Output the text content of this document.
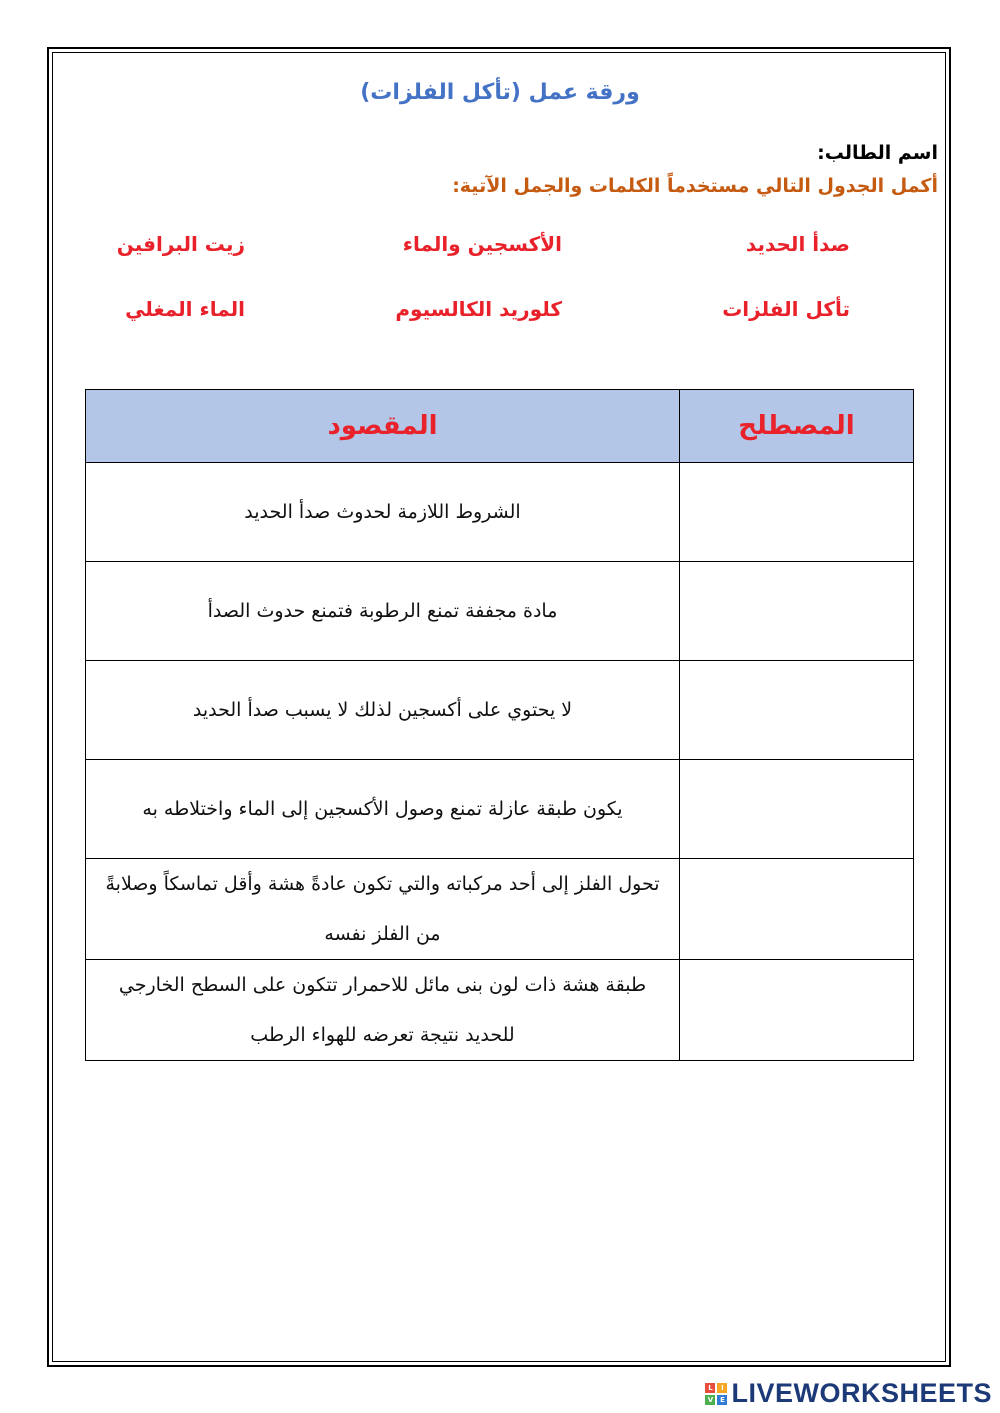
ورقة عمل (تأكل الفلزات)
اسم الطالب:
أكمل الجدول التالي مستخدماً الكلمات والجمل الآتية:
صدأ الحديد
الأكسجين والماء
زيت البرافين
تأكل الفلزات
كلوريد الكالسيوم
الماء المغلي
المصطلح	المقصود
	الشروط اللازمة لحدوث صدأ الحديد
	مادة مجففة تمنع الرطوبة فتمنع حدوث الصدأ
	لا يحتوي على أكسجين لذلك لا يسبب صدأ الحديد
	يكون طبقة عازلة تمنع وصول الأكسجين إلى الماء واختلاطه به
	تحول الفلز إلى أحد مركباته والتي تكون عادةً هشة وأقل تماسكاً وصلابةً من الفلز نفسه
	طبقة هشة ذات لون بنى مائل للاحمرار تتكون على السطح الخارجي للحديد نتيجة تعرضه للهواء الرطب
L	I
V E LIVEWORKSHEETS
